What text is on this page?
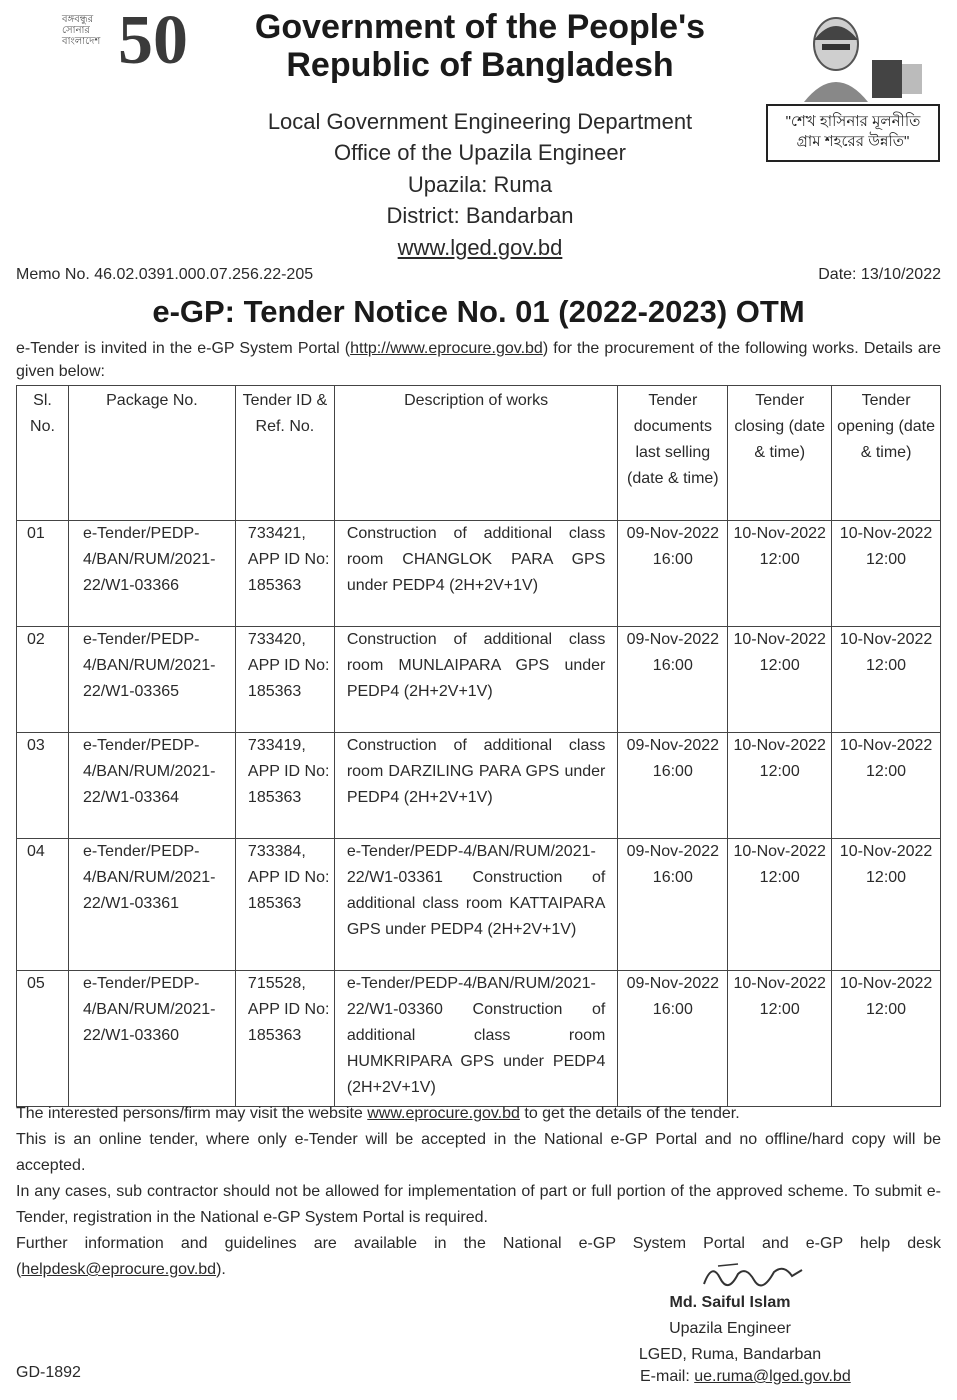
বঙ্গবন্ধুর
সোনার
বাংলাদেশ 50	Government of the People's
Republic of Bangladesh
Local Government Engineering Department
Office of the Upazila Engineer
Upazila: Ruma
District: Bandarban
www.lged.gov.bd
"শেখ হাসিনার মূলনীতি
গ্রাম শহরের উন্নতি"
Memo No. 46.02.0391.000.07.256.22-205	Date: 13/10/2022
e-GP: Tender Notice No. 01 (2022-2023) OTM
e-Tender is invited in the e-GP System Portal (http://www.eprocure.gov.bd) for the procurement of the following works. Details are given below:
Sl. No.	Package No.	Tender ID & Ref. No.	Description of works	Tender documents last selling (date & time)	Tender closing (date & time)	Tender opening (date & time)
01	e-Tender/PEDP-4/BAN/RUM/2021-22/W1-03366	733421, APP ID No: 185363	Construction of additional class room CHANGLOK PARA GPS under PEDP4 (2H+2V+1V)	09-Nov-2022 16:00	10-Nov-2022 12:00	10-Nov-2022 12:00
02	e-Tender/PEDP-4/BAN/RUM/2021-22/W1-03365	733420, APP ID No: 185363	Construction of additional class room MUNLAIPARA GPS under PEDP4 (2H+2V+1V)	09-Nov-2022 16:00	10-Nov-2022 12:00	10-Nov-2022 12:00
03	e-Tender/PEDP-4/BAN/RUM/2021-22/W1-03364	733419, APP ID No: 185363	Construction of additional class room DARZILING PARA GPS under PEDP4 (2H+2V+1V)	09-Nov-2022 16:00	10-Nov-2022 12:00	10-Nov-2022 12:00
04	e-Tender/PEDP-4/BAN/RUM/2021-22/W1-03361	733384, APP ID No: 185363	e-Tender/PEDP-4/BAN/RUM/2021-22/W1-03361 Construction of additional class room KATTAIPARA GPS under PEDP4 (2H+2V+1V)	09-Nov-2022 16:00	10-Nov-2022 12:00	10-Nov-2022 12:00
05	e-Tender/PEDP-4/BAN/RUM/2021-22/W1-03360	715528, APP ID No: 185363	e-Tender/PEDP-4/BAN/RUM/2021-22/W1-03360 Construction of additional class room HUMKRIPARA GPS under PEDP4 (2H+2V+1V)	09-Nov-2022 16:00	10-Nov-2022 12:00	10-Nov-2022 12:00

The interested persons/firm may visit the website www.eprocure.gov.bd to get the details of the tender.

This is an online tender, where only e-Tender will be accepted in the National e-GP Portal and no offline/hard copy will be accepted.

In any cases, sub contractor should not be allowed for implementation of part or full portion of the approved scheme. To submit e-Tender, registration in the National e-GP System Portal is required.

Further information and guidelines are available in the National e-GP System Portal and e-GP help desk (helpdesk@eprocure.gov.bd).

Md. Saiful Islam
Upazila Engineer
LGED, Ruma, Bandarban
GD-1892	E-mail: ue.ruma@lged.gov.bd
